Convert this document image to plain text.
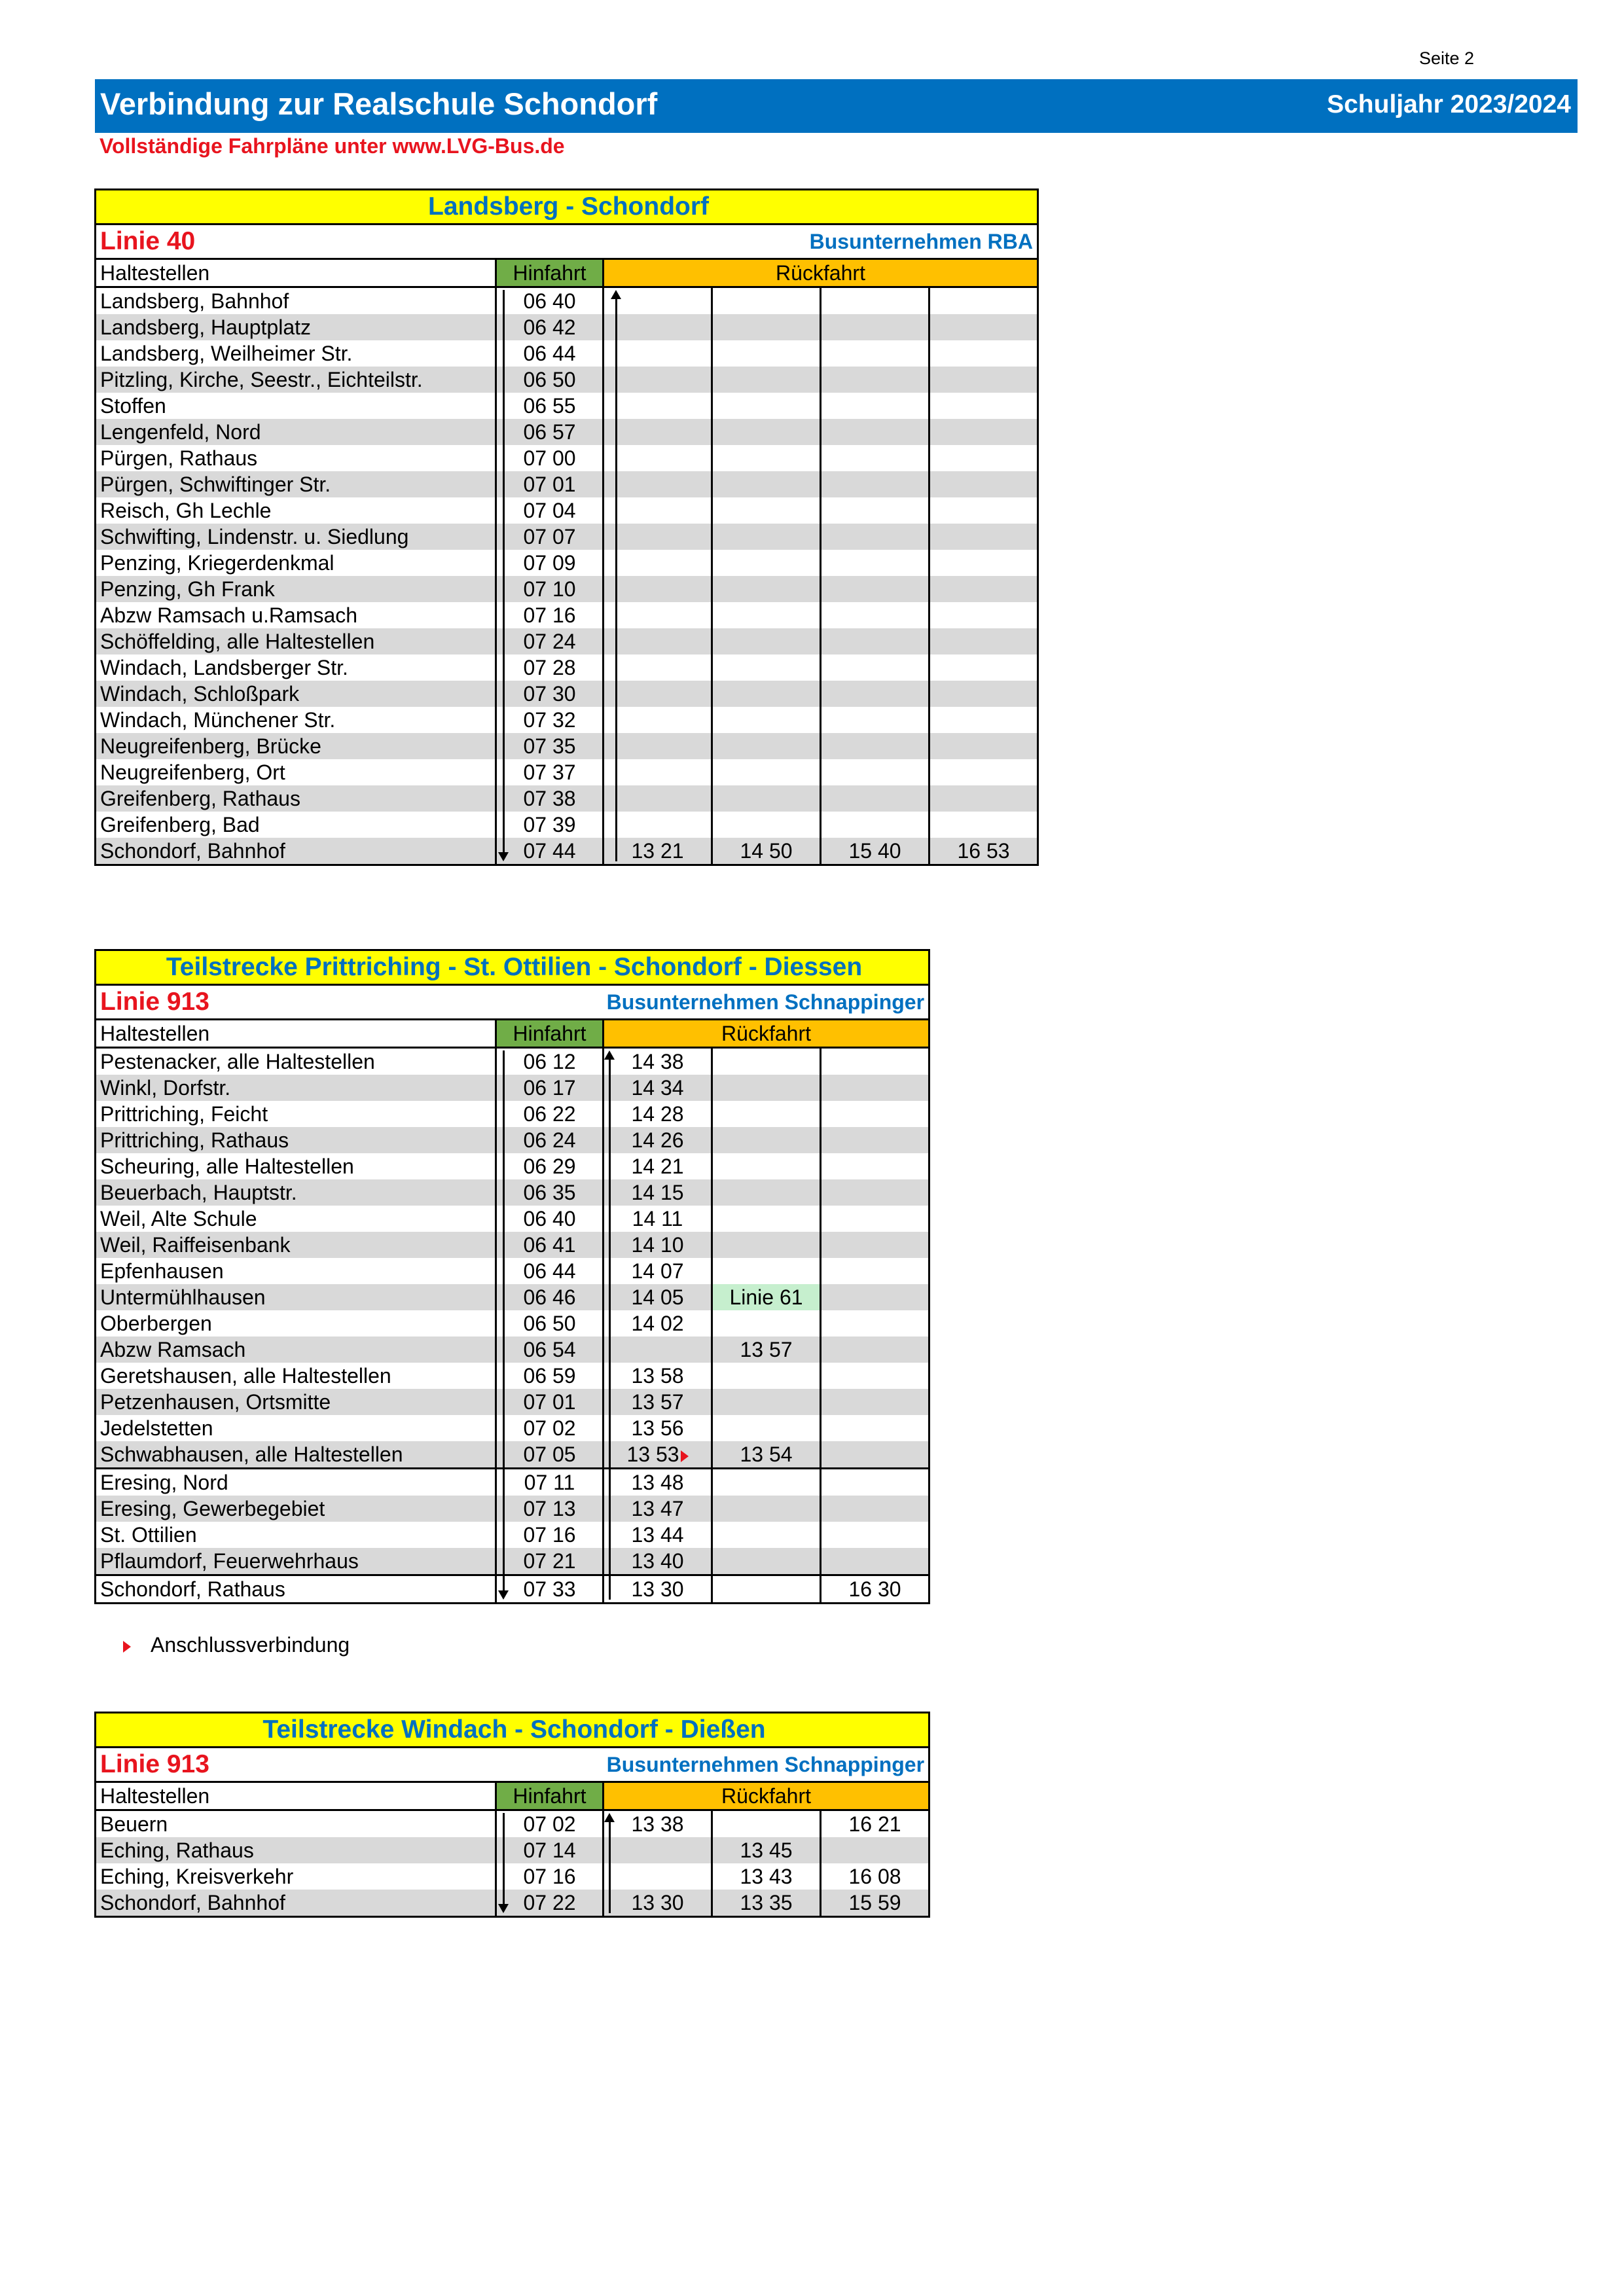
Seite 2
Verbindung zur Realschule Schondorf	Schuljahr 2023/2024
Vollständige Fahrpläne unter www.LVG-Bus.de
Landsberg - Schondorf					
Linie 40 Busunternehmen RBA					

Haltestellen	Hinfahrt	Rückfahrt			
Landsberg, Bahnhof	06 40				
Landsberg, Hauptplatz	06 42				
Landsberg, Weilheimer Str.	06 44				
Pitzling, Kirche, Seestr., Eichteilstr.	06 50				
Stoffen	06 55				
Lengenfeld, Nord	06 57				
Pürgen, Rathaus	07 00				
Pürgen, Schwiftinger Str.	07 01				
Reisch, Gh Lechle	07 04				
Schwifting, Lindenstr. u. Siedlung	07 07				
Penzing, Kriegerdenkmal	07 09				
Penzing, Gh Frank	07 10				
Abzw Ramsach u.Ramsach	07 16				
Schöffelding, alle Haltestellen	07 24				
Windach, Landsberger Str.	07 28				
Windach, Schloßpark	07 30				
Windach, Münchener Str.	07 32				
Neugreifenberg, Brücke	07 35				
Neugreifenberg, Ort	07 37				
Greifenberg, Rathaus	07 38				
Greifenberg, Bad	07 39				
Schondorf, Bahnhof	07 44	13 21	14 50	15 40	16 53
Teilstrecke Prittriching - St. Ottilien - Schondorf - Diessen				
Linie 913 Busunternehmen Schnappinger				

Haltestellen	Hinfahrt	Rückfahrt		
Pestenacker, alle Haltestellen	06 12	14 38		
Winkl, Dorfstr.	06 17	14 34		
Prittriching, Feicht	06 22	14 28		
Prittriching, Rathaus	06 24	14 26		
Scheuring, alle Haltestellen	06 29	14 21		
Beuerbach, Hauptstr.	06 35	14 15		
Weil, Alte Schule	06 40	14 11		
Weil, Raiffeisenbank	06 41	14 10		
Epfenhausen	06 44	14 07		
Untermühlhausen	06 46	14 05	Linie 61	
Oberbergen	06 50	14 02		
Abzw Ramsach	06 54		13 57	
Geretshausen, alle Haltestellen	06 59	13 58		
Petzenhausen, Ortsmitte	07 01	13 57		
Jedelstetten	07 02	13 56		
Schwabhausen, alle Haltestellen	07 05	13 53	13 54	
Eresing, Nord	07 11	13 48		
Eresing, Gewerbegebiet	07 13	13 47		
St. Ottilien	07 16	13 44		
Pflaumdorf, Feuerwehrhaus	07 21	13 40		
Schondorf, Rathaus	07 33	13 30		16 30
Anschlussverbindung
Teilstrecke Windach - Schondorf - Dießen				
Linie 913 Busunternehmen Schnappinger				

Haltestellen	Hinfahrt	Rückfahrt		
Beuern	07 02	13 38		16 21
Eching, Rathaus	07 14		13 45	
Eching, Kreisverkehr	07 16		13 43	16 08
Schondorf, Bahnhof	07 22	13 30	13 35	15 59
